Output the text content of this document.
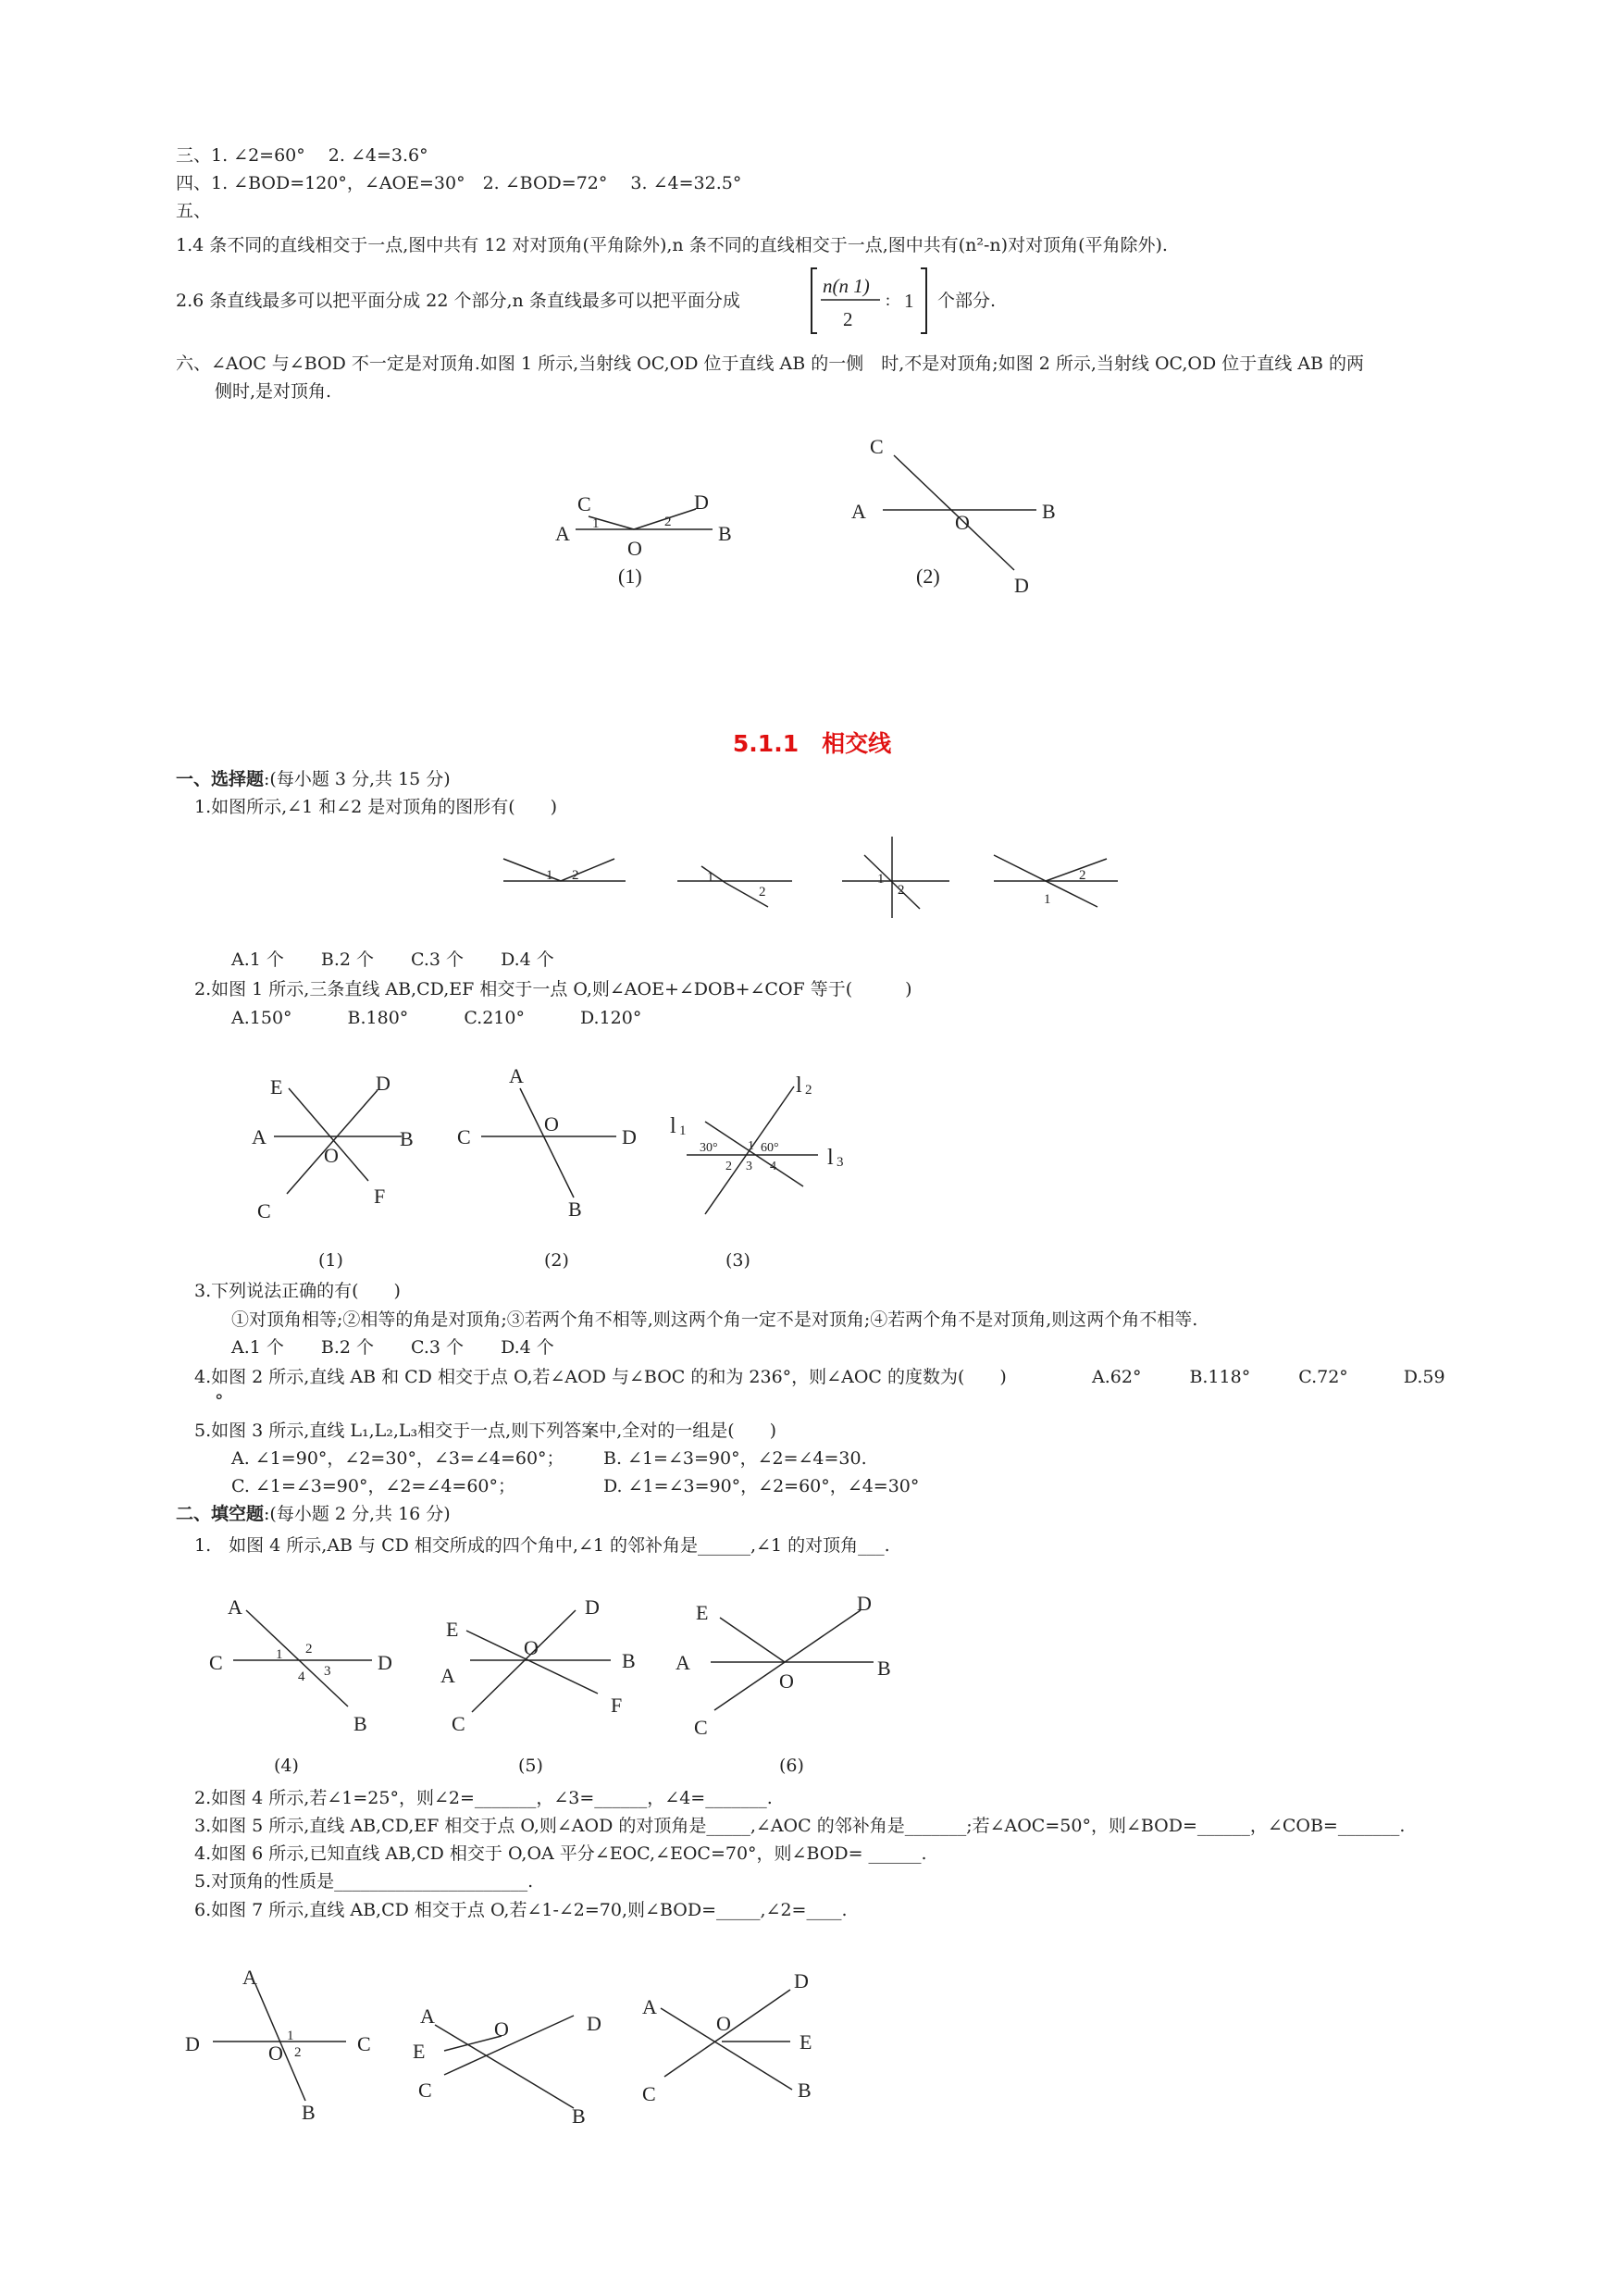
三、1. ∠2=60°　 2. ∠4=3.6°
四、1. ∠BOD=120°，∠AOE=30°　2. ∠BOD=72°　 3. ∠4=32.5°
五、
1.4 条不同的直线相交于一点,图中共有 12 对对顶角(平角除外),n 条不同的直线相交于一点,图中共有(n²-n)对对顶角(平角除外).
2.6 条直线最多可以把平面分成 22 个部分,n 条直线最多可以把平面分成
n(n 1)
2
: 1 个部分.
六、∠AOC 与∠BOD 不一定是对顶角.如图 1 所示,当射线 OC,OD 位于直线 AB 的一侧　时,不是对顶角;如图 2 所示,当射线 OC,OD 位于直线 AB 的两
侧时,是对顶角.
A
C	D
B
O
1	2
(1)
C
A	O	B
D
(2)
5.1.1　相交线
一、选择题:(每小题 3 分,共 15 分)
1.如图所示,∠1 和∠2 是对顶角的图形有(　　)
1 2	1
2
1
2
1
2
A.1 个 B.2 个 C.3 个 D.4 个
2.如图 1 所示,三条直线 AB,CD,EF 相交于一点 O,则∠AOE+∠DOB+∠COF 等于(　　　)
A.150°	B.180°	C.210°	D.120°
E	D
A	B
O
C
F
A
C
O
D
B
l 1
l 2
l 3
30°	60°
1
2 3 4
(1)	(2)	(3)
3.下列说法正确的有(　　)
①对顶角相等;②相等的角是对顶角;③若两个角不相等,则这两个角一定不是对顶角;④若两个角不是对顶角,则这两个角不相等.
A.1 个 B.2 个 C.3 个 D.4 个
4.如图 2 所示,直线 AB 和 CD 相交于点 O,若∠AOD 与∠BOC 的和为 236°，则∠AOC 的度数为(　　)	A.62°	B.118°	C.72°	D.59
°
5.如图 3 所示,直线 L₁,L₂,L₃相交于一点,则下列答案中,全对的一组是(　　)
A. ∠1=90°，∠2=30°，∠3=∠4=60°； B. ∠1=∠3=90°，∠2=∠4=30.
C. ∠1=∠3=90°，∠2=∠4=60°；	D. ∠1=∠3=90°，∠2=60°，∠4=30°
二、填空题:(每小题 2 分,共 16 分)
1.　如图 4 所示,AB 与 CD 相交所成的四个角中,∠1 的邻补角是______,∠1 的对顶角___.
A
C	D
B
1 2
3
4
E
D
A
O
B
C
F
E	D
A
O
B
C
(4)	(5)	(6)
2.如图 4 所示,若∠1=25°，则∠2=_______，∠3=______，∠4=_______.
3.如图 5 所示,直线 AB,CD,EF 相交于点 O,则∠AOD 的对顶角是_____,∠AOC 的邻补角是_______;若∠AOC=50°，则∠BOD=______，∠COB=_______.
4.如图 6 所示,已知直线 AB,CD 相交于 O,OA 平分∠EOC,∠EOC=70°，则∠BOD= ______.
5.对顶角的性质是______________________.
6.如图 7 所示,直线 AB,CD 相交于点 O,若∠1-∠2=70,则∠BOD=_____,∠2=____.
A
D	C
O
1
2
B
A
E
C
O	D
B
A
O
D
E
C	B
